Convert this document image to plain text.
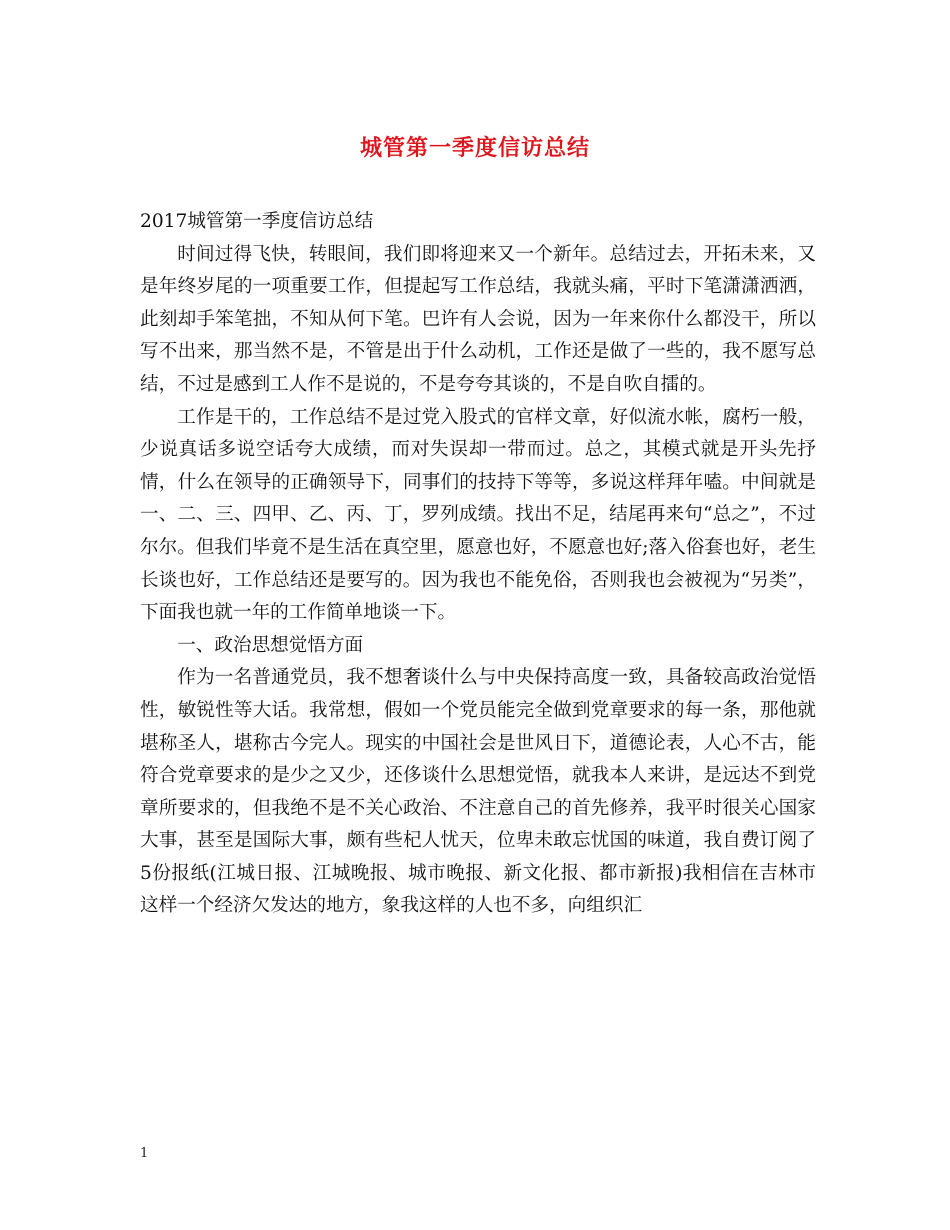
城管第一季度信访总结

2017城管第一季度信访总结

时间过得飞快，转眼间，我们即将迎来又一个新年。总结过去，开拓未来，又是年终岁尾的一项重要工作，但提起写工作总结，我就头痛，平时下笔潇潇洒洒，此刻却手笨笔拙，不知从何下笔。巴许有人会说，因为一年来你什么都没干，所以写不出来，那当然不是，不管是出于什么动机，工作还是做了一些的，我不愿写总结，不过是感到工人作不是说的，不是夸夸其谈的，不是自吹自擂的。

工作是干的，工作总结不是过党入股式的官样文章，好似流水帐，腐朽一般，少说真话多说空话夸大成绩，而对失误却一带而过。总之，其模式就是开头先抒情，什么在领导的正确领导下，同事们的技持下等等，多说这样拜年嗑。中间就是一、二、三、四甲、乙、丙、丁，罗列成绩。找出不足，结尾再来句“总之”，不过尔尔。但我们毕竟不是生活在真空里，愿意也好，不愿意也好;落入俗套也好，老生长谈也好，工作总结还是要写的。因为我也不能免俗，否则我也会被视为“另类”，下面我也就一年的工作简单地谈一下。

一、政治思想觉悟方面

作为一名普通党员，我不想奢谈什么与中央保持高度一致，具备较高政治觉悟性，敏锐性等大话。我常想，假如一个党员能完全做到党章要求的每一条，那他就堪称圣人，堪称古今完人。现实的中国社会是世风日下，道德论表，人心不古，能符合党章要求的是少之又少，还侈谈什么思想觉悟，就我本人来讲，是远达不到党章所要求的，但我绝不是不关心政治、不注意自己的首先修养，我平时很关心国家大事，甚至是国际大事，颇有些杞人忧天，位卑未敢忘忧国的味道，我自费订阅了5份报纸(江城日报、江城晚报、城市晚报、新文化报、都市新报)我相信在吉林市这样一个经济欠发达的地方，象我这样的人也不多，向组织汇

1
